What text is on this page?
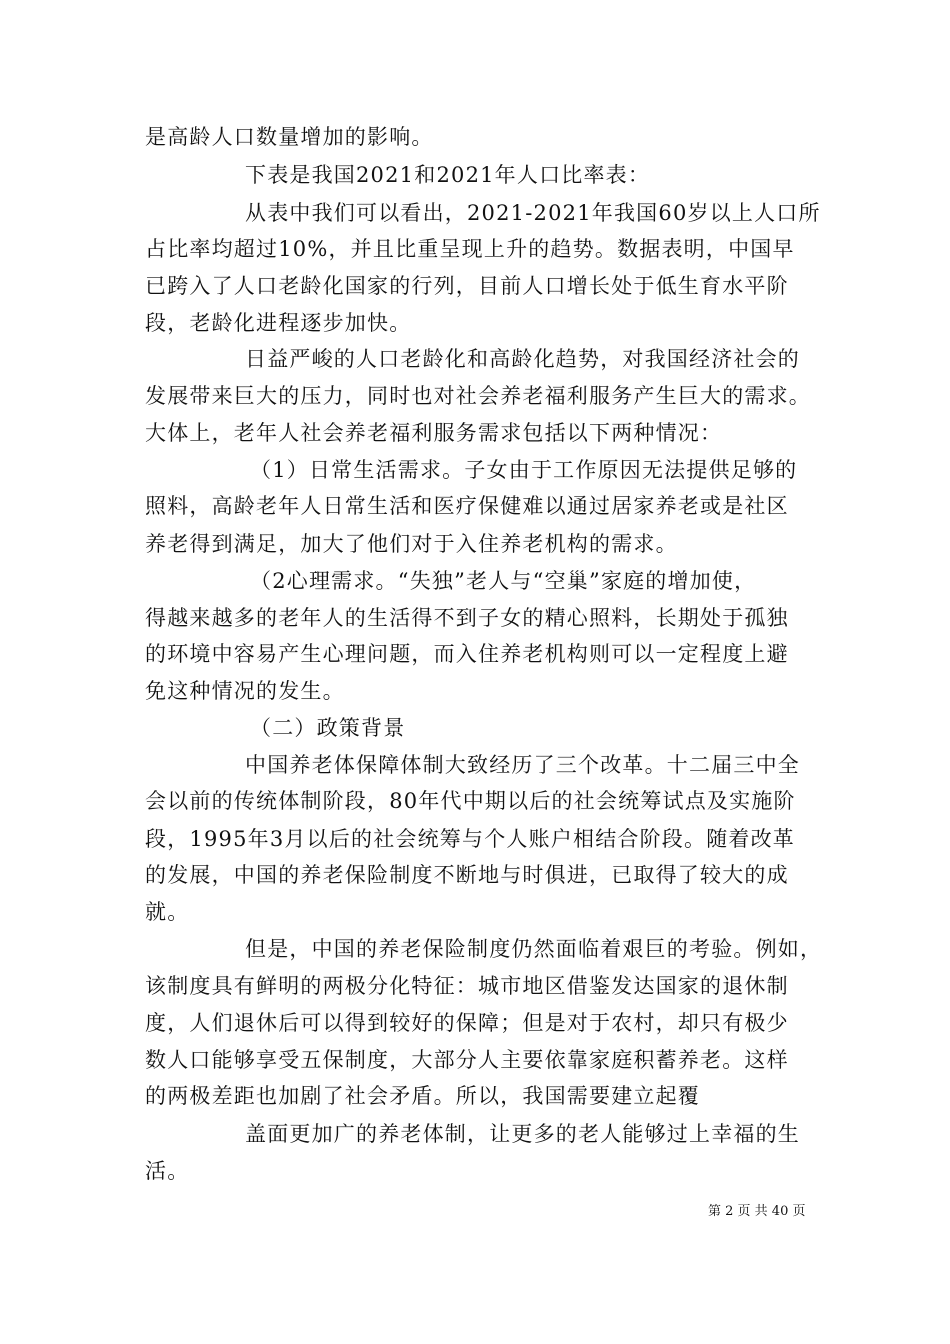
是高龄人口数量增加的影响。
下表是我国2021和2021年人口比率表：
从表中我们可以看出，2021-2021年我国60岁以上人口所
占比率均超过10%，并且比重呈现上升的趋势。数据表明，中国早
已跨入了人口老龄化国家的行列，目前人口增长处于低生育水平阶
段，老龄化进程逐步加快。
日益严峻的人口老龄化和高龄化趋势，对我国经济社会的
发展带来巨大的压力，同时也对社会养老福利服务产生巨大的需求。
大体上，老年人社会养老福利服务需求包括以下两种情况：
（1）日常生活需求。子女由于工作原因无法提供足够的
照料，高龄老年人日常生活和医疗保健难以通过居家养老或是社区
养老得到满足，加大了他们对于入住养老机构的需求。
（2心理需求。“失独”老人与“空巢”家庭的增加使，
得越来越多的老年人的生活得不到子女的精心照料，长期处于孤独
的环境中容易产生心理问题，而入住养老机构则可以一定程度上避
免这种情况的发生。
（二）政策背景
中国养老体保障体制大致经历了三个改革。十二届三中全
会以前的传统体制阶段，80年代中期以后的社会统筹试点及实施阶
段，1995年3月以后的社会统筹与个人账户相结合阶段。随着改革
的发展，中国的养老保险制度不断地与时俱进，已取得了较大的成
就。
但是，中国的养老保险制度仍然面临着艰巨的考验。例如，
该制度具有鲜明的两极分化特征：城市地区借鉴发达国家的退休制
度，人们退休后可以得到较好的保障；但是对于农村，却只有极少
数人口能够享受五保制度，大部分人主要依靠家庭积蓄养老。这样
的两极差距也加剧了社会矛盾。所以，我国需要建立起覆
盖面更加广的养老体制，让更多的老人能够过上幸福的生
活。
第 2 页 共 40 页
